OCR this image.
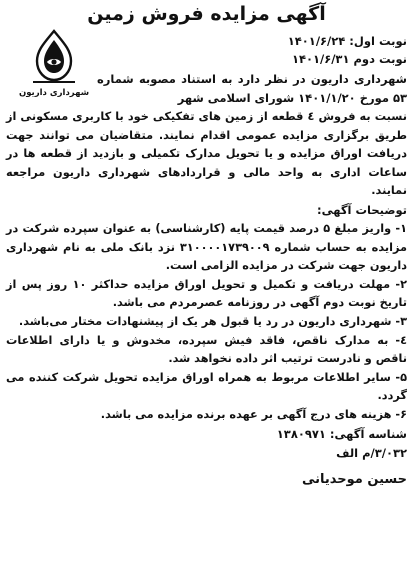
آگهی مزایده فروش زمین
نوبت اول: ۱۴۰۱/۶/۲۴
نوبت دوم ۱۴۰۱/۶/۳۱
شهرداری داریون
شهرداری داریون در نظر دارد به استناد مصوبه شماره ۵۳ مورخ ۱۴۰۱/۱/۲۰ شورای اسلامی شهر

نسبت به فروش ٤ قطعه از زمین های تفکیکی خود با کاربری مسکونی از طریق برگزاری مزایده عمومی اقدام نمایند. متقاضیان می توانند جهت دریافت اوراق مزایده و یا تحویل مدارک تکمیلی و بازدید از قطعه ها در ساعات اداری به واحد مالی و قراردادهای شهرداری داریون مراجعه نمایند.

توضیحات آگهی:

۱- واریز مبلغ ۵ درصد قیمت پایه (کارشناسی) به عنوان سپرده شرکت در مزایده به حساب شماره ۳۱۰۰۰۰۱۷۳۹۰۰۹ نزد بانک ملی به نام شهرداری داریون جهت شرکت در مزایده الزامی است.

۲- مهلت دریافت و تکمیل و تحویل اوراق مزایده حداکثر ۱۰ روز پس از تاریخ نوبت دوم آگهی در روزنامه عصرمردم می باشد.

۳- شهرداری داریون در رد یا قبول هر یک از پیشنهادات مختار می‌باشد.

٤- به مدارک ناقص، فاقد فیش سپرده، مخدوش و یا دارای اطلاعات ناقص و نادرست ترتیب اثر داده نخواهد شد.

۵- سایر اطلاعات مربوط به همراه اوراق مزایده تحویل شرکت کننده می گردد.

۶- هزینه های درج آگهی بر عهده برنده مزایده می باشد.

شناسه آگهی: ۱۳۸۰۹۷۱
۳/۰۳۲/م الف
حسین موحدیانی
